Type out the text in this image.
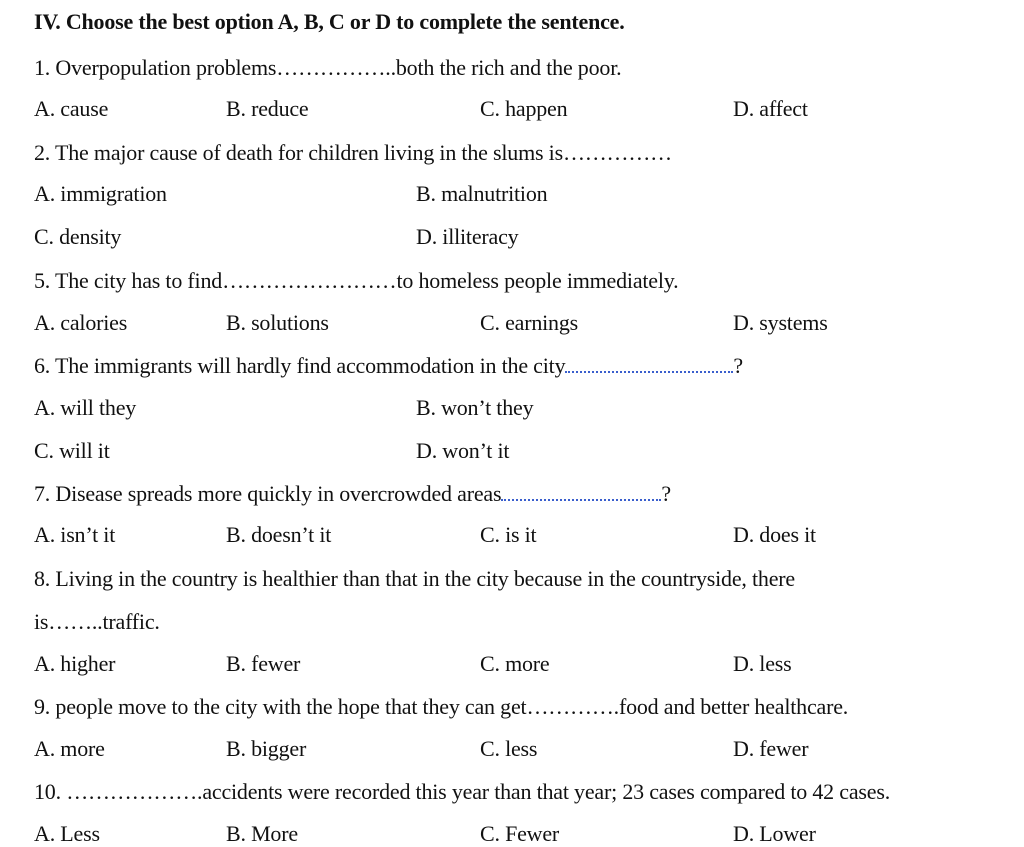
IV. Choose the best option A, B, C or D to complete the sentence.
1. Overpopulation problems……………..both the rich and the poor.
A. cause	B. reduce	C. happen	D. affect
2. The major cause of death for children living in the slums is……………
A. immigration	B. malnutrition
C. density	D. illiteracy
5. The city has to find……………………to homeless people immediately.
A. calories	B. solutions	C. earnings	D. systems
6. The immigrants will hardly find accommodation in the city	?
A. will they	B. won’t they
C. will it	D. won’t it
7. Disease spreads more quickly in overcrowded areas	?
A. isn’t it	B. doesn’t it	C. is it	D. does it
8. Living in the country is healthier than that in the city because in the countryside, there
is……..traffic.
A. higher	B. fewer	C. more	D. less
9. people move to the city with the hope that they can get………….food and better healthcare.
A. more	B. bigger	C. less	D. fewer
10. ……………….accidents were recorded this year than that year; 23 cases compared to 42 cases.
A. Less	B. More	C. Fewer	D. Lower
